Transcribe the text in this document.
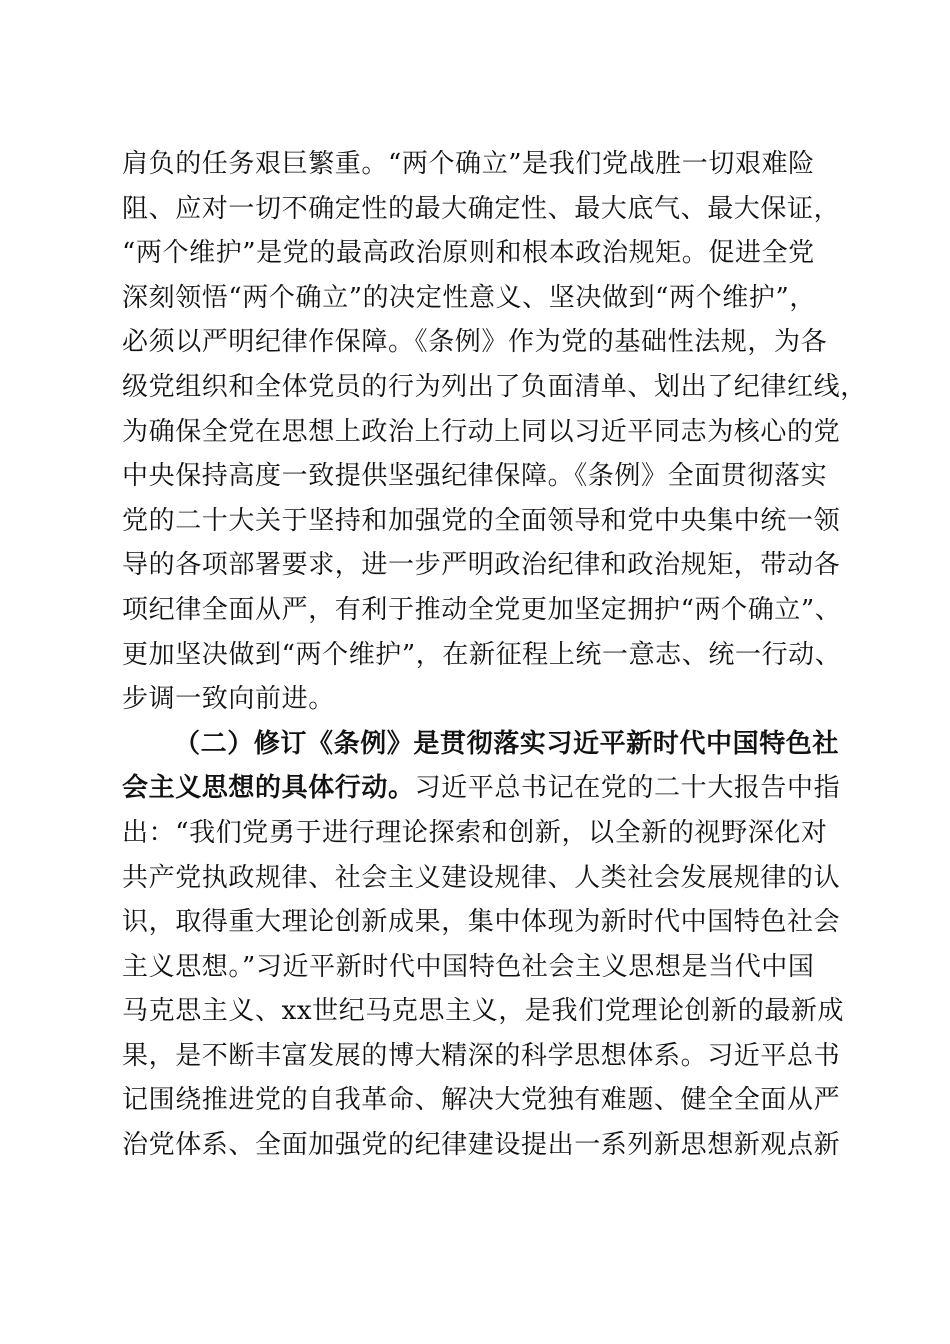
肩负的任务艰巨繁重。“两个确立”是我们党战胜一切艰难险
阻、应对一切不确定性的最大确定性、最大底气、最大保证，
“两个维护”是党的最高政治原则和根本政治规矩。促进全党
深刻领悟“两个确立”的决定性意义、坚决做到“两个维护”，
必须以严明纪律作保障。《条例》作为党的基础性法规，为各
级党组织和全体党员的行为列出了负面清单、划出了纪律红线，
为确保全党在思想上政治上行动上同以习近平同志为核心的党
中央保持高度一致提供坚强纪律保障。《条例》全面贯彻落实
党的二十大关于坚持和加强党的全面领导和党中央集中统一领
导的各项部署要求，进一步严明政治纪律和政治规矩，带动各
项纪律全面从严，有利于推动全党更加坚定拥护“两个确立”、
更加坚决做到“两个维护”，在新征程上统一意志、统一行动、
步调一致向前进。
（二）修订《条例》是贯彻落实习近平新时代中国特色社
会主义思想的具体行动。习近平总书记在党的二十大报告中指
出：“我们党勇于进行理论探索和创新，以全新的视野深化对
共产党执政规律、社会主义建设规律、人类社会发展规律的认
识，取得重大理论创新成果，集中体现为新时代中国特色社会
主义思想。”习近平新时代中国特色社会主义思想是当代中国
马克思主义、xx世纪马克思主义，是我们党理论创新的最新成
果，是不断丰富发展的博大精深的科学思想体系。习近平总书
记围绕推进党的自我革命、解决大党独有难题、健全全面从严
治党体系、全面加强党的纪律建设提出一系列新思想新观点新
